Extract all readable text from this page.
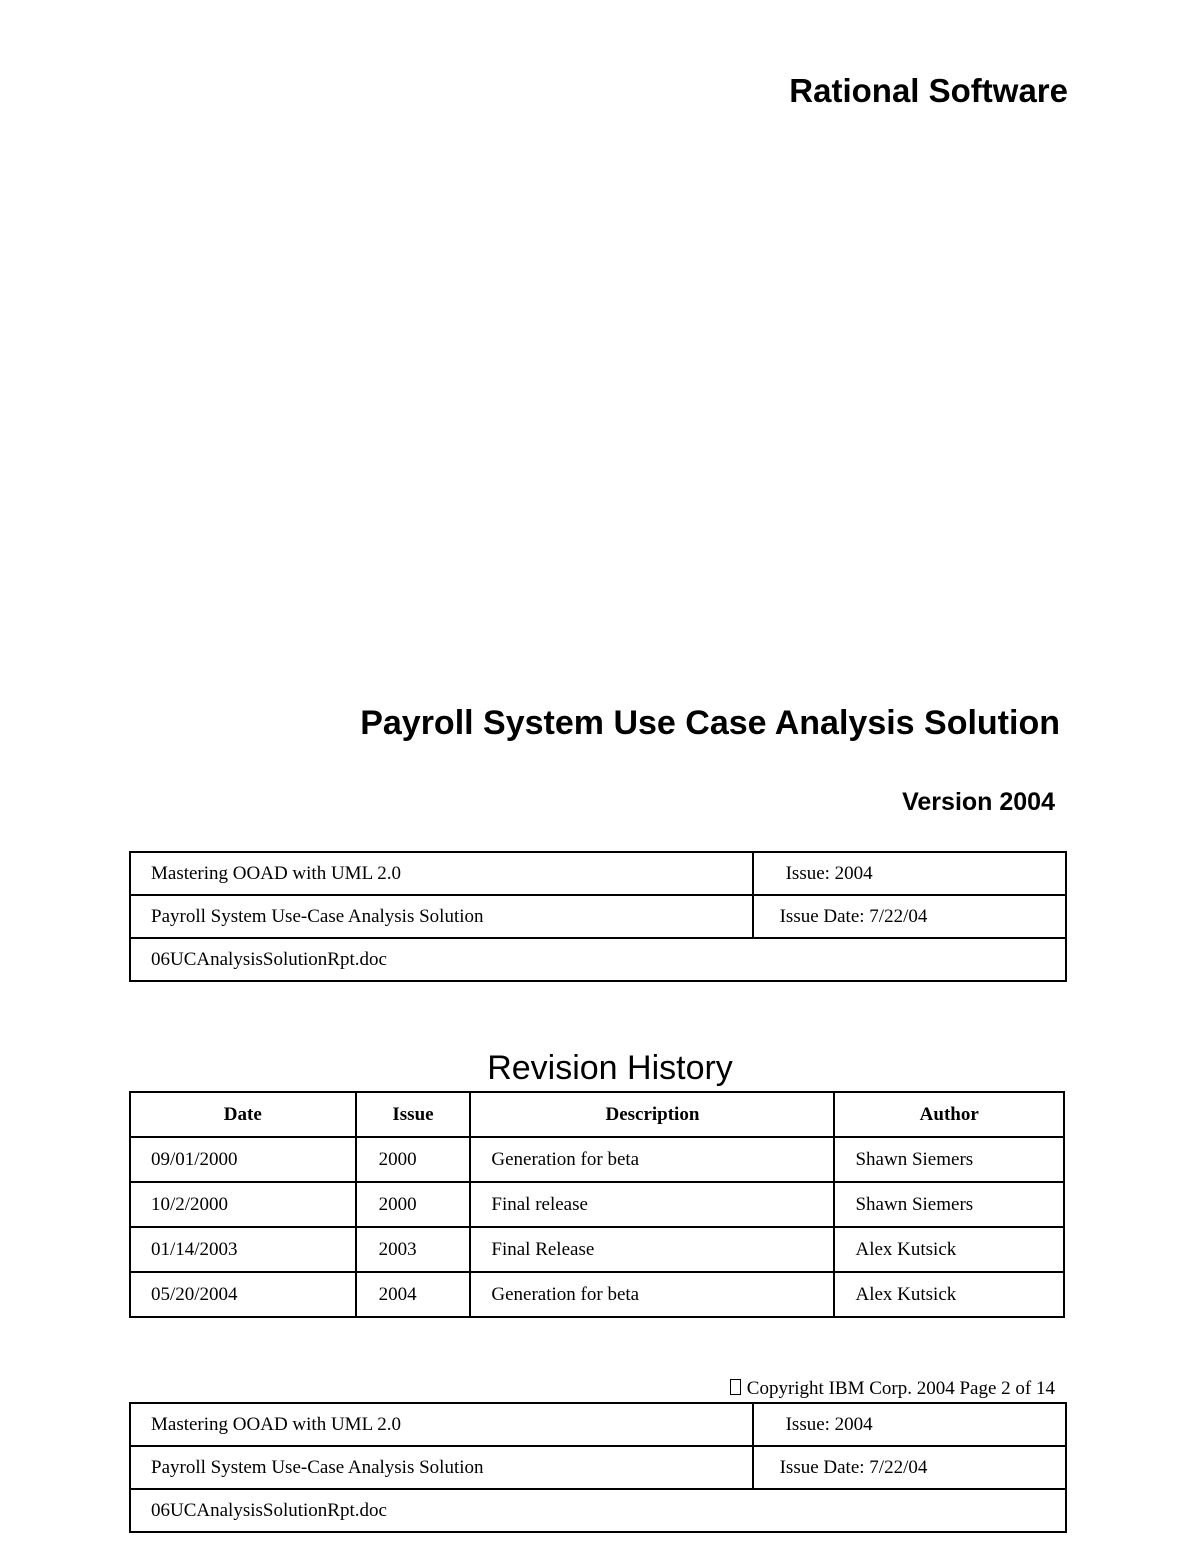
Rational Software
Payroll System Use Case Analysis Solution
Version 2004
Mastering OOAD with UML 2.0	Issue: 2004
Payroll System Use-Case Analysis Solution	Issue Date: 7/22/04
06UCAnalysisSolutionRpt.doc	
Revision History
Date	Issue	Description	Author
09/01/2000	2000	Generation for beta	Shawn Siemers
10/2/2000	2000	Final release	Shawn Siemers
01/14/2003	2003	Final Release	Alex Kutsick
05/20/2004	2004	Generation for beta	Alex Kutsick
Copyright IBM Corp. 2004 Page 2 of 14
Mastering OOAD with UML 2.0	Issue: 2004
Payroll System Use-Case Analysis Solution	Issue Date: 7/22/04
06UCAnalysisSolutionRpt.doc	
